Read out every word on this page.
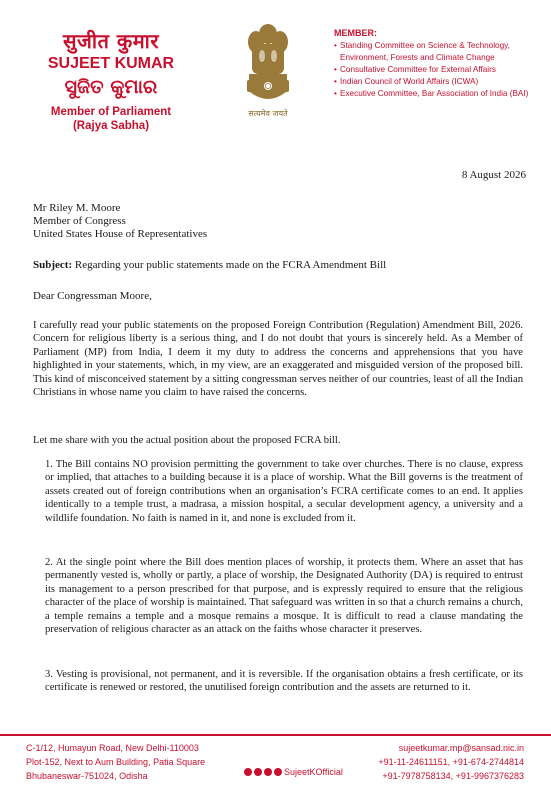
सुजीत कुमार
SUJEET KUMAR
ସୁଜିତ କୁମାର
Member of Parliament
(Rajya Sabha)
सत्यमेव जयते
MEMBER:
• Standing Committee on Science & Technology, Environment, Forests and Climate Change
• Consultative Committee for External Affairs
• Indian Council of World Affairs (ICWA)
• Executive Committee, Bar Association of India (BAI)
8 August 2026
Mr Riley M. Moore
Member of Congress
United States House of Representatives
Subject: Regarding your public statements made on the FCRA Amendment Bill
Dear Congressman Moore,
I carefully read your public statements on the proposed Foreign Contribution (Regulation) Amendment Bill, 2026. Concern for religious liberty is a serious thing, and I do not doubt that yours is sincerely held. As a Member of Parliament (MP) from India, I deem it my duty to address the concerns and apprehensions that you have highlighted in your statements, which, in my view, are an exaggerated and misguided version of the proposed bill. This kind of misconceived statement by a sitting congressman serves neither of our countries, least of all the Indian Christians in whose name you claim to have raised the concerns.
Let me share with you the actual position about the proposed FCRA bill.
1. The Bill contains NO provision permitting the government to take over churches. There is no clause, express or implied, that attaches to a building because it is a place of worship. What the Bill governs is the treatment of assets created out of foreign contributions when an organisation’s FCRA certificate comes to an end. It applies identically to a temple trust, a madrasa, a mission hospital, a secular development agency, a university and a wildlife foundation. No faith is named in it, and none is excluded from it.
2. At the single point where the Bill does mention places of worship, it protects them. Where an asset that has permanently vested is, wholly or partly, a place of worship, the Designated Authority (DA) is required to entrust its management to a person prescribed for that purpose, and is expressly required to ensure that the religious character of the place of worship is maintained. That safeguard was written in so that a church remains a church, a temple remains a temple and a mosque remains a mosque. It is difficult to read a clause mandating the preservation of religious character as an attack on the faiths whose character it preserves.
3. Vesting is provisional, not permanent, and it is reversible. If the organisation obtains a fresh certificate, or its certificate is renewed or restored, the unutilised foreign contribution and the assets are returned to it.
C-1/12, Humayun Road, New Delhi-110003
Plot-152, Next to Aum Building, Patia Square
Bhubaneswar-751024, Odisha	SujeetKOfficial
sujeetkumar.mp@sansad.nic.in
+91-11-24611151, +91-674-2744814
+91-7978758134, +91-9967376283
